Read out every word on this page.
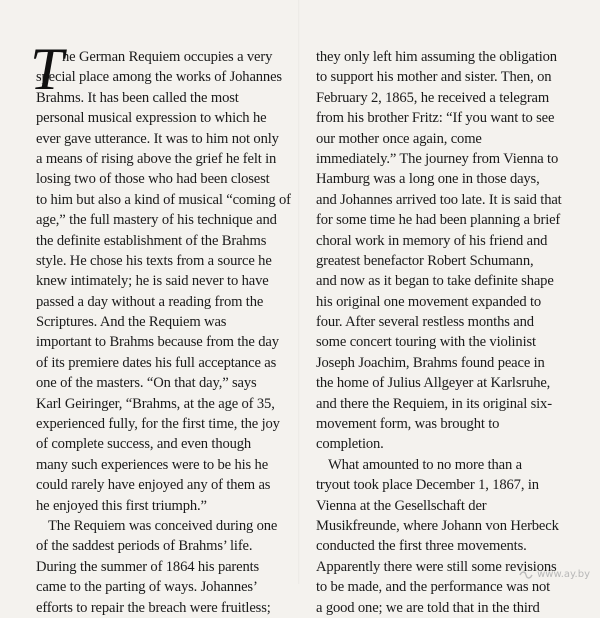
T
he German Requiem occupies a very
special place among the works of Johannes
Brahms. It has been called the most
personal musical expression to which he
ever gave utterance. It was to him not only
a means of rising above the grief he felt in
losing two of those who had been closest
to him but also a kind of musical “coming of
age,” the full mastery of his technique and
the definite establishment of the Brahms
style. He chose his texts from a source he
knew intimately; he is said never to have
passed a day without a reading from the
Scriptures. And the Requiem was
important to Brahms because from the day
of its premiere dates his full acceptance as
one of the masters. “On that day,” says
Karl Geiringer, “Brahms, at the age of 35,
experienced fully, for the first time, the joy
of complete success, and even though
many such experiences were to be his he
could rarely have enjoyed any of them as
he enjoyed this first triumph.”
The Requiem was conceived during one
of the saddest periods of Brahms’ life.
During the summer of 1864 his parents
came to the parting of ways. Johannes’
efforts to repair the breach were fruitless;
they only left him assuming the obligation
to support his mother and sister. Then, on
February 2, 1865, he received a telegram
from his brother Fritz: “If you want to see
our mother once again, come
immediately.” The journey from Vienna to
Hamburg was a long one in those days,
and Johannes arrived too late. It is said that
for some time he had been planning a brief
choral work in memory of his friend and
greatest benefactor Robert Schumann,
and now as it began to take definite shape
his original one movement expanded to
four. After several restless months and
some concert touring with the violinist
Joseph Joachim, Brahms found peace in
the home of Julius Allgeyer at Karlsruhe,
and there the Requiem, in its original six-
movement form, was brought to
completion.
What amounted to no more than a
tryout took place December 1, 1867, in
Vienna at the Gesellschaft der
Musikfreunde, where Johann von Herbeck
conducted the first three movements.
Apparently there were still some revisions
to be made, and the performance was not
a good one; we are told that in the third
www.ay.by
